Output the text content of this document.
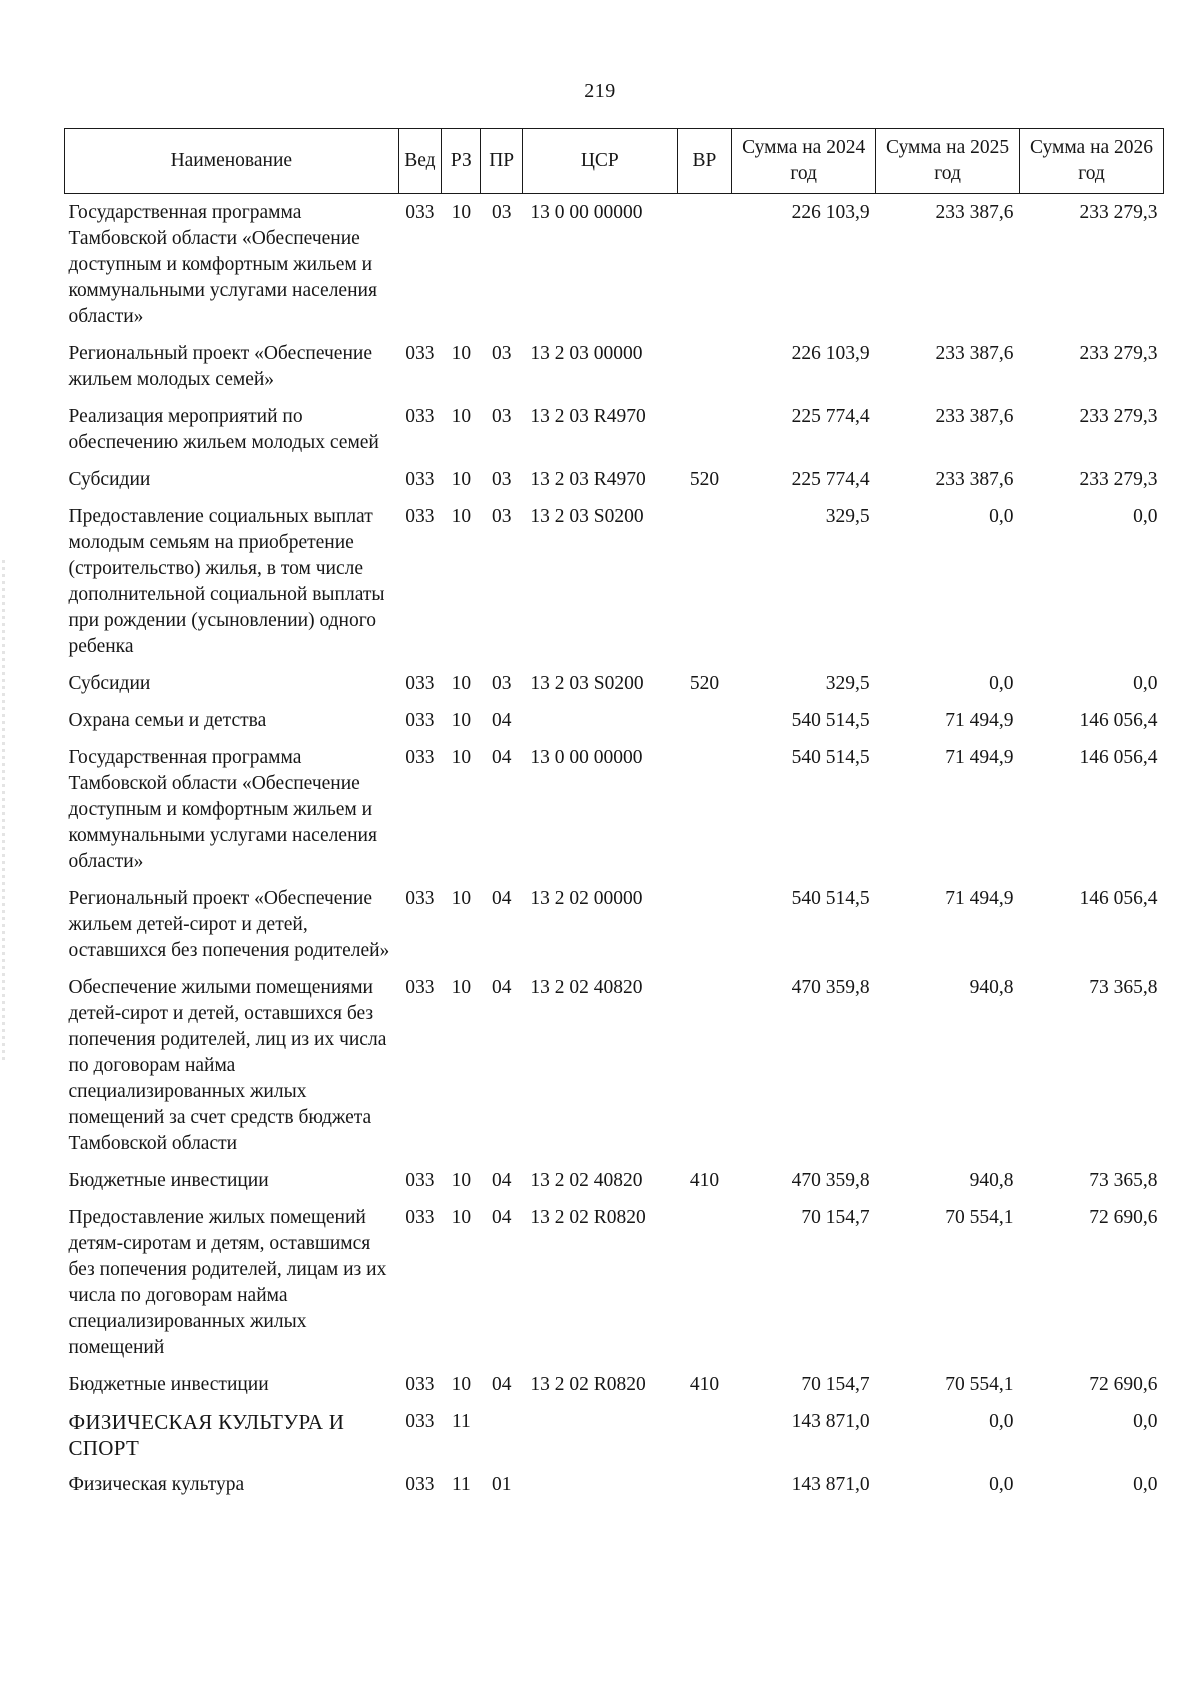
219
Наименование	Вед	РЗ	ПР	ЦСР	ВР	Сумма на 2024 год	Сумма на 2025 год	Сумма на 2026 год
Государственная программа Тамбовской области «Обеспечение доступным и комфортным жильем и коммунальными услугами населения области»	033	10	03	13 0 00 00000		226 103,9	233 387,6	233 279,3
Региональный проект «Обеспечение жильем молодых семей»	033	10	03	13 2 03 00000		226 103,9	233 387,6	233 279,3
Реализация мероприятий по обеспечению жильем молодых семей	033	10	03	13 2 03 R4970		225 774,4	233 387,6	233 279,3
Субсидии	033	10	03	13 2 03 R4970	520	225 774,4	233 387,6	233 279,3
Предоставление социальных выплат молодым семьям на приобретение (строительство) жилья, в том числе дополнительной социальной выплаты при рождении (усыновлении) одного ребенка	033	10	03	13 2 03 S0200		329,5	0,0	0,0
Субсидии	033	10	03	13 2 03 S0200	520	329,5	0,0	0,0
Охрана семьи и детства	033	10	04			540 514,5	71 494,9	146 056,4
Государственная программа Тамбовской области «Обеспечение доступным и комфортным жильем и коммунальными услугами населения области»	033	10	04	13 0 00 00000		540 514,5	71 494,9	146 056,4
Региональный проект «Обеспечение жильем детей-сирот и детей, оставшихся без попечения родителей»	033	10	04	13 2 02 00000		540 514,5	71 494,9	146 056,4
Обеспечение жилыми помещениями детей-сирот и детей, оставшихся без попечения родителей, лиц из их числа по договорам найма специализированных жилых помещений за счет средств бюджета Тамбовской области	033	10	04	13 2 02 40820		470 359,8	940,8	73 365,8
Бюджетные инвестиции	033	10	04	13 2 02 40820	410	470 359,8	940,8	73 365,8
Предоставление жилых помещений детям-сиротам и детям, оставшимся без попечения родителей, лицам из их числа по договорам найма специализированных жилых помещений	033	10	04	13 2 02 R0820		70 154,7	70 554,1	72 690,6
Бюджетные инвестиции	033	10	04	13 2 02 R0820	410	70 154,7	70 554,1	72 690,6
ФИЗИЧЕСКАЯ КУЛЬТУРА И СПОРТ	033	11				143 871,0	0,0	0,0
Физическая культура	033	11	01			143 871,0	0,0	0,0
